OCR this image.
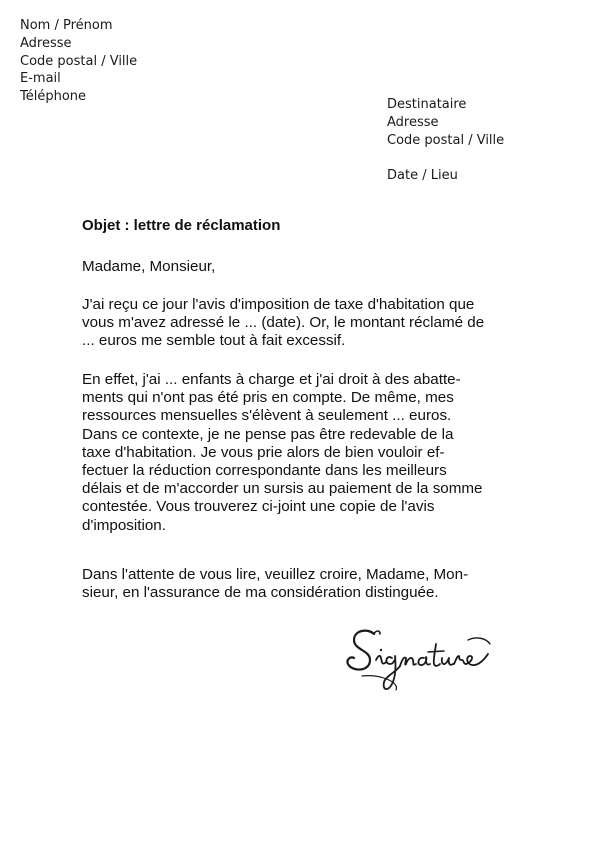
Nom / Prénom
Adresse
Code postal / Ville
E-mail
Téléphone
Destinataire
Adresse
Code postal / Ville
Date / Lieu
Objet : lettre de réclamation
Madame, Monsieur,
J'ai reçu ce jour l'avis d'imposition de taxe d'habitation que
vous m'avez adressé le ... (date). Or, le montant réclamé de
... euros me semble tout à fait excessif.
En effet, j'ai ... enfants à charge et j'ai droit à des abatte-
ments qui n'ont pas été pris en compte. De même, mes
ressources mensuelles s'élèvent à seulement ... euros.
Dans ce contexte, je ne pense pas être redevable de la
taxe d'habitation. Je vous prie alors de bien vouloir ef-
fectuer la réduction correspondante dans les meilleurs
délais et de m'accorder un sursis au paiement de la somme
contestée. Vous trouverez ci-joint une copie de l'avis
d'imposition.
Dans l'attente de vous lire, veuillez croire, Madame, Mon-
sieur, en l'assurance de ma considération distinguée.
